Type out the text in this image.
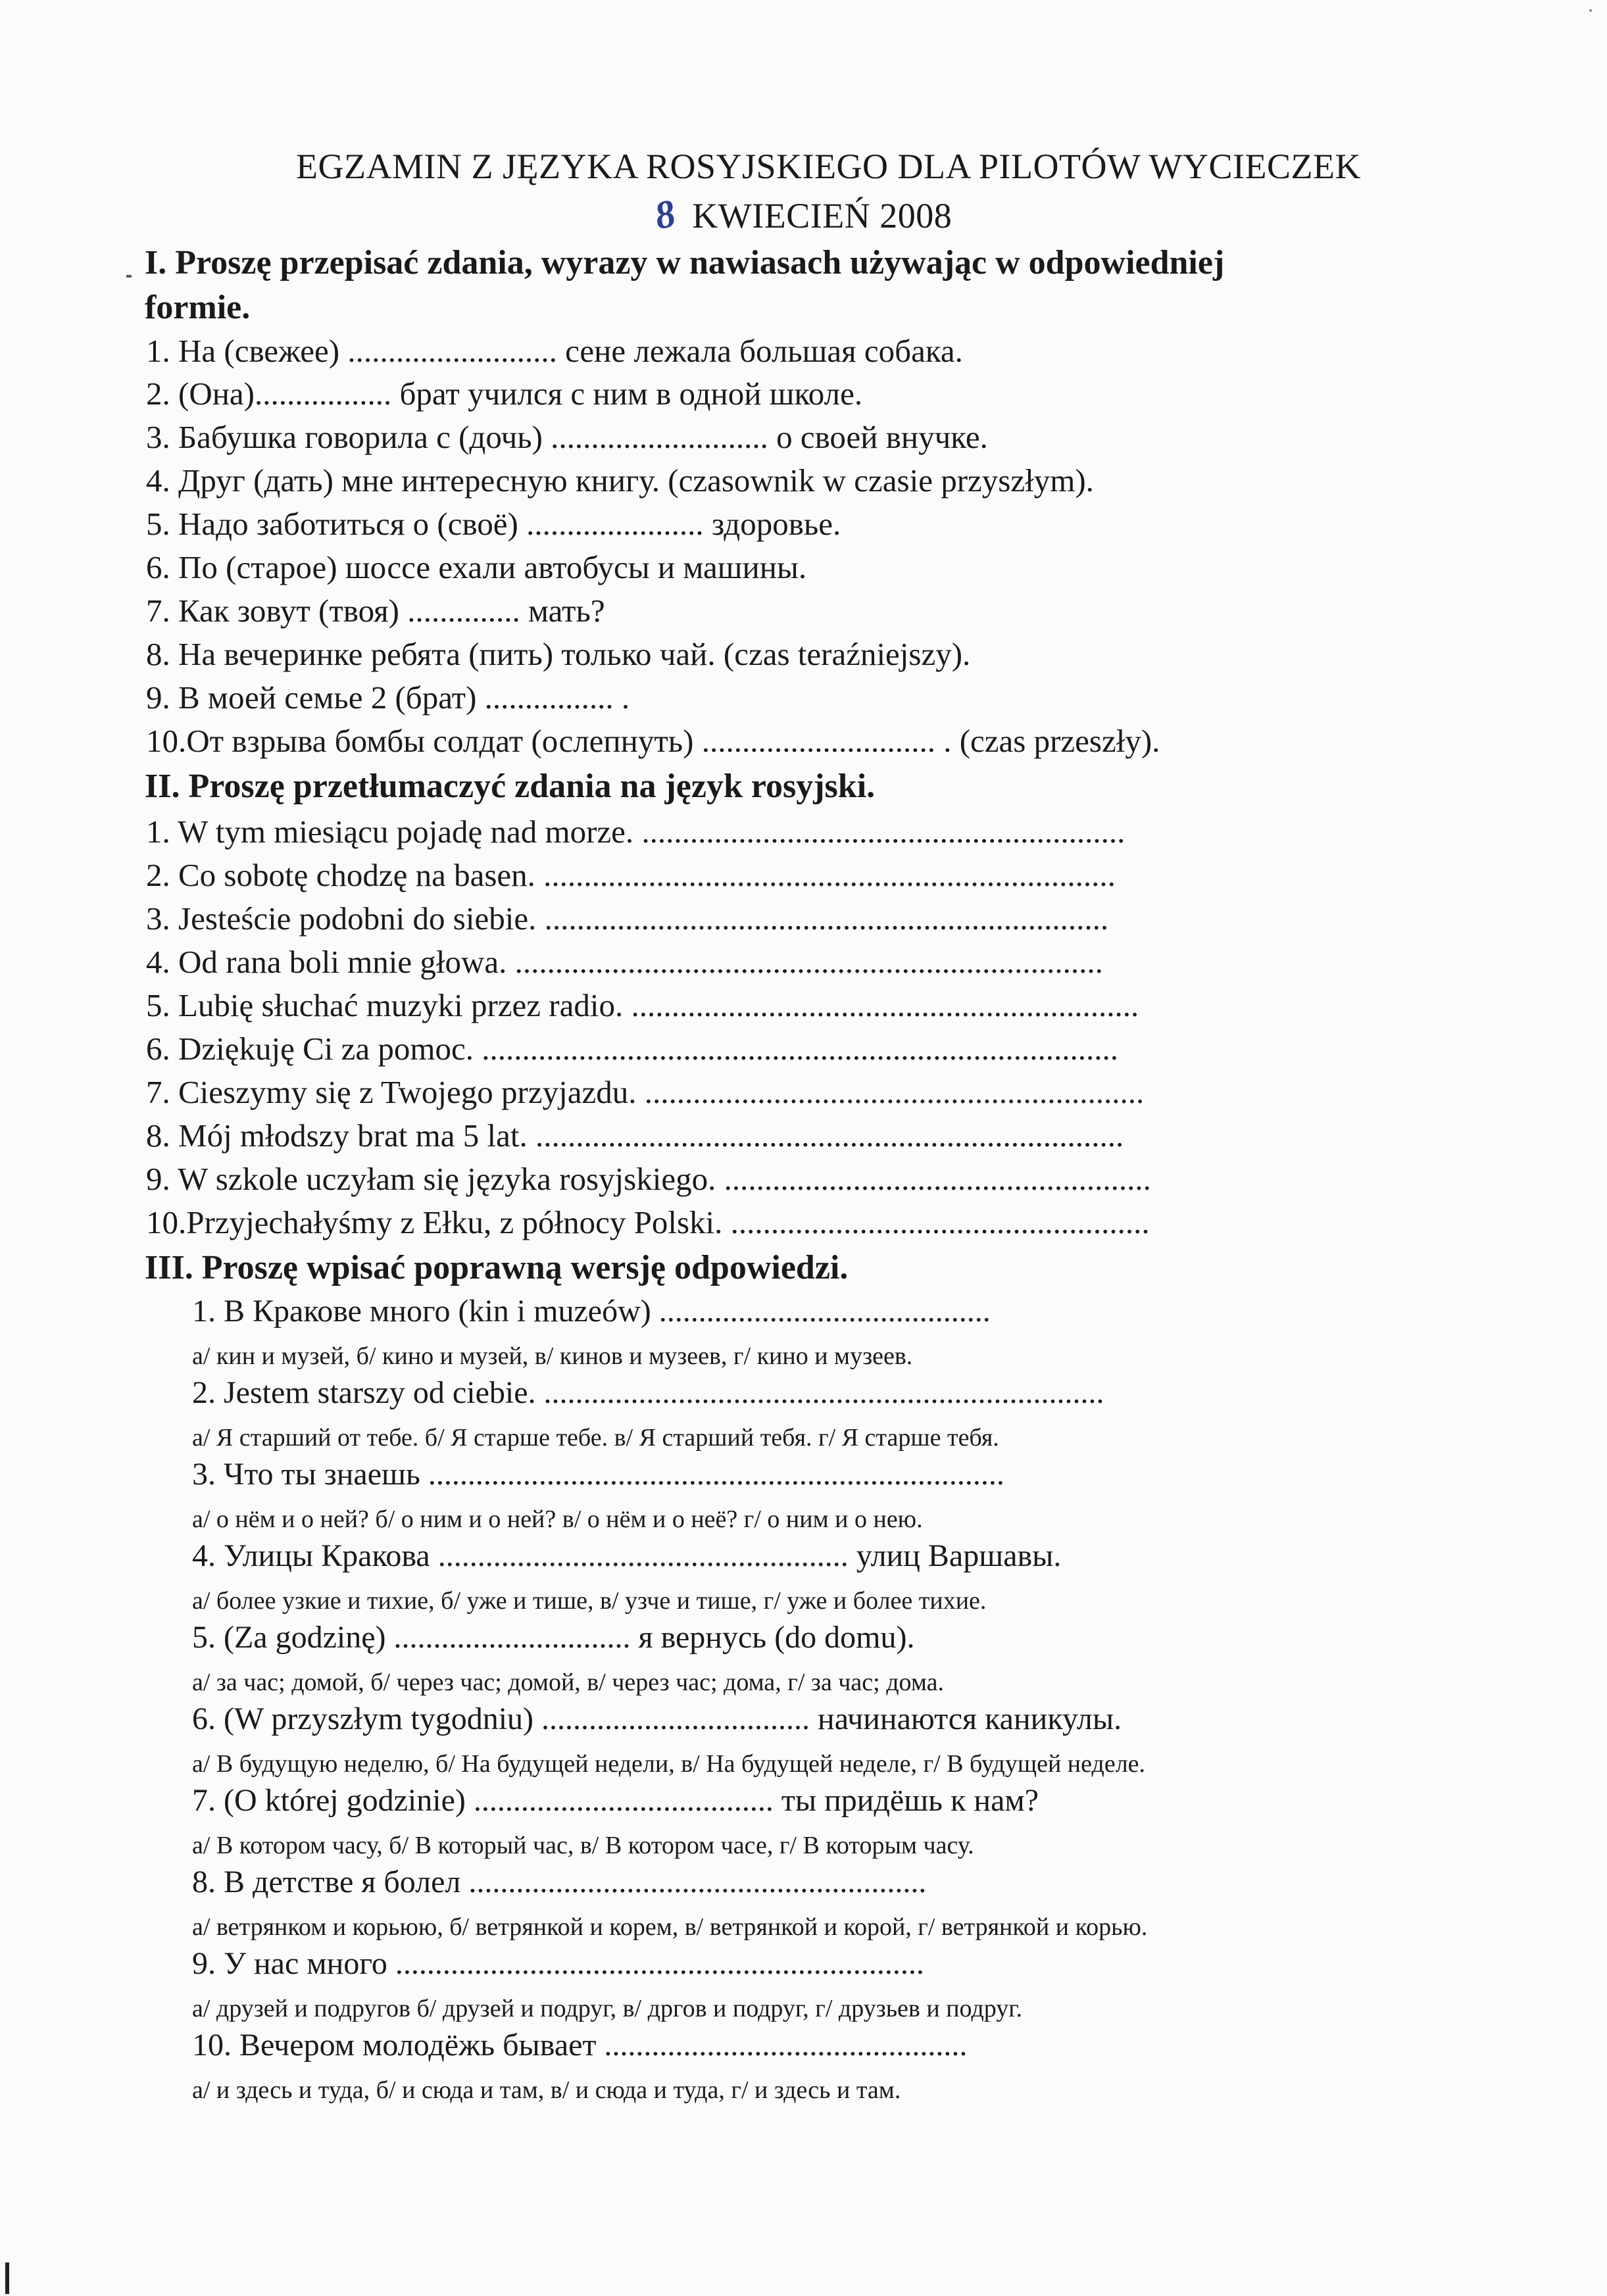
EGZAMIN Z JĘZYKA ROSYJSKIEGO DLA PILOTÓW WYCIECZEK
8 KWIECIEŃ 2008
I. Proszę przepisać zdania, wyrazy w nawiasach używając w odpowiedniej
formie.
1. На (свежее) .......................... сене лежала большая собака.
2. (Она)................. брат учился с ним в одной школе.
3. Бабушка говорила с (дочь) ........................... о своей внучке.
4. Друг (дать) мне интересную книгу. (czasownik w czasie przyszłym).
5. Надо заботиться о (своё) ...................... здоровье.
6. По (старое) шоссе ехали автобусы и машины.
7. Как зовут (твоя) .............. мать?
8. На вечеринке ребята (пить) только чай. (czas teraźniejszy).
9. В моей семье 2 (брат) ................ .
10.От взрыва бомбы солдат (ослепнуть) ............................. . (czas przeszły).
II. Proszę przetłumaczyć zdania na język rosyjski.
1. W tym miesiącu pojadę nad morze. ............................................................
2. Co sobotę chodzę na basen. .......................................................................
3. Jesteście podobni do siebie. ......................................................................
4. Od rana boli mnie głowa. .........................................................................
5. Lubię słuchać muzyki przez radio. ...............................................................
6. Dziękuję Ci za pomoc. ...............................................................................
7. Cieszymy się z Twojego przyjazdu. ..............................................................
8. Mój młodszy brat ma 5 lat. .........................................................................
9. W szkole uczyłam się języka rosyjskiego. .....................................................
10.Przyjechałyśmy z Ełku, z północy Polski. ....................................................
III. Proszę wpisać poprawną wersję odpowiedzi.
1. В Кракове много (kin i muzeów) ..........................................
а/ кин и музей, б/ кино и музей, в/ кинов и музеев, г/ кино и музеев.
2. Jestem starszy od ciebie. .......................................................................
а/ Я старший от тебе. б/ Я старше тебе. в/ Я старший тебя. г/ Я старше тебя.
3. Что ты знаешь .........................................................................
а/ о нём и о ней? б/ о ним и о ней? в/ о нём и о неё? г/ о ним и о нею.
4. Улицы Кракова .................................................... улиц Варшавы.
а/ более узкие и тихие, б/ уже и тише, в/ узче и тише, г/ уже и более тихие.
5. (Za godzinę) .............................. я вернусь (do domu).
а/ за час; домой, б/ через час; домой, в/ через час; дома, г/ за час; дома.
6. (W przyszłym tygodniu) .................................. начинаются каникулы.
а/ В будущую неделю, б/ На будущей недели, в/ На будущей неделе, г/ В будущей неделе.
7. (O której godzinie) ...................................... ты придёшь к нам?
а/ В котором часу, б/ В который час, в/ В котором часе, г/ В которым часу.
8. В детстве я болел ..........................................................
а/ ветрянком и корьюю, б/ ветрянкой и корем, в/ ветрянкой и корой, г/ ветрянкой и корью.
9. У нас много ...................................................................
а/ друзей и подругов б/ друзей и подруг, в/ дргов и подруг, г/ друзьев и подруг.
10. Вечером молодёжь бывает ..............................................
а/ и здесь и туда, б/ и сюда и там, в/ и сюда и туда, г/ и здесь и там.
